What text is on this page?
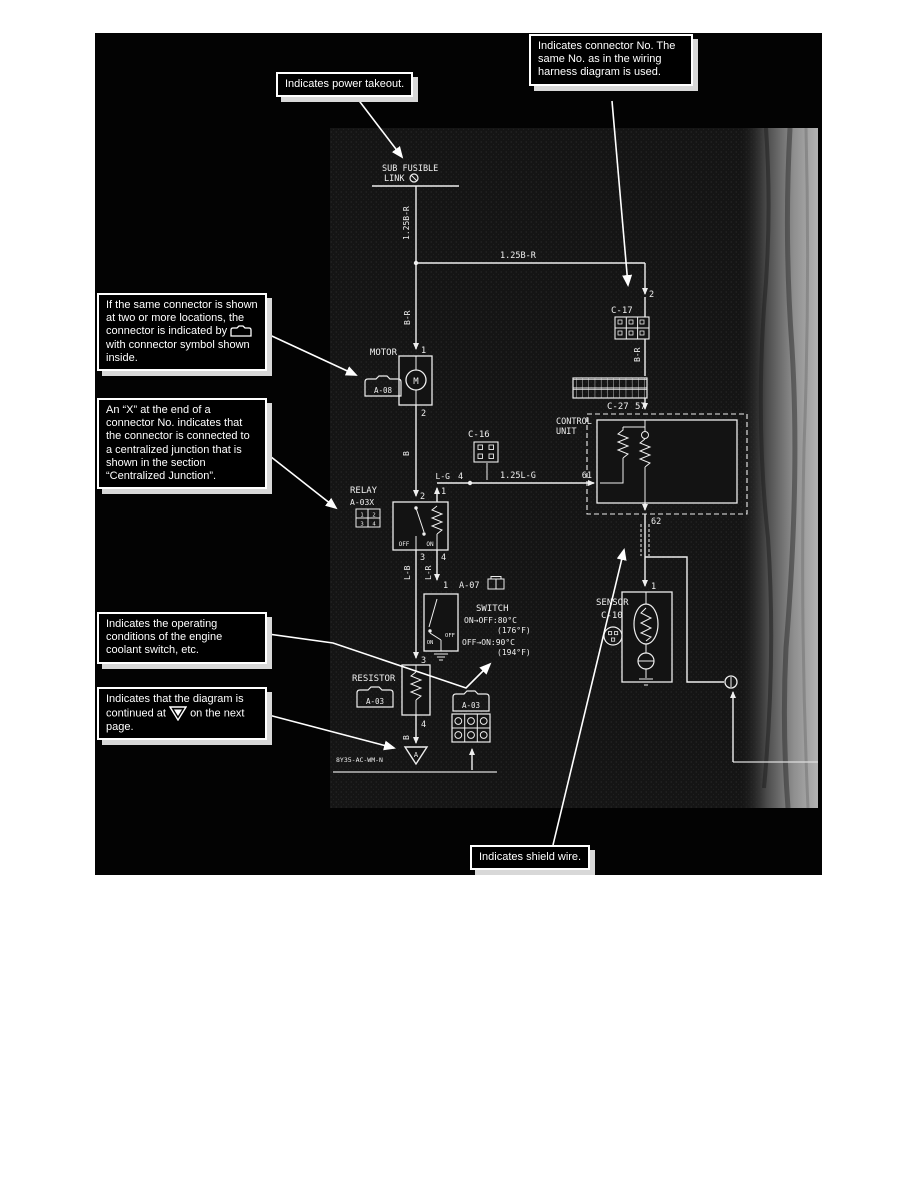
M
1 2
3 4
SUB FUSIBLE
LINK
1.25B-R
1.25B-R
2
C-17
B-R
B-R
1
MOTOR
A-08
2
B
C-16
CONTROL
UNIT
C-27 57
L-G 4	1.25L-G	61
62
RELAY
A-03X
2 1
OFF	ON
3 4
L-B L-R
1 A-07
ON
OFF
SWITCH
ON→OFF:80°C
(176°F)
OFF→ON:90°C
(194°F)
3
RESISTOR
A-03
4
B
A
A-03
8Y35-AC-WM-N
SENSOR
C-10
1
Indicates power takeout.
Indicates connector No. The same No. as in the wiring harness diagram is used.
If the same connector is shown at two or more locations, the connector is indicated by  with connector symbol shown inside.
An “X” at the end of a connector No. indicates that the connector is connected to a centralized junction that is shown in the section “Centralized Junction”.
Indicates the operating conditions of the engine coolant switch, etc.
Indicates that the diagram is continued at on the next page.
Indicates shield wire.
